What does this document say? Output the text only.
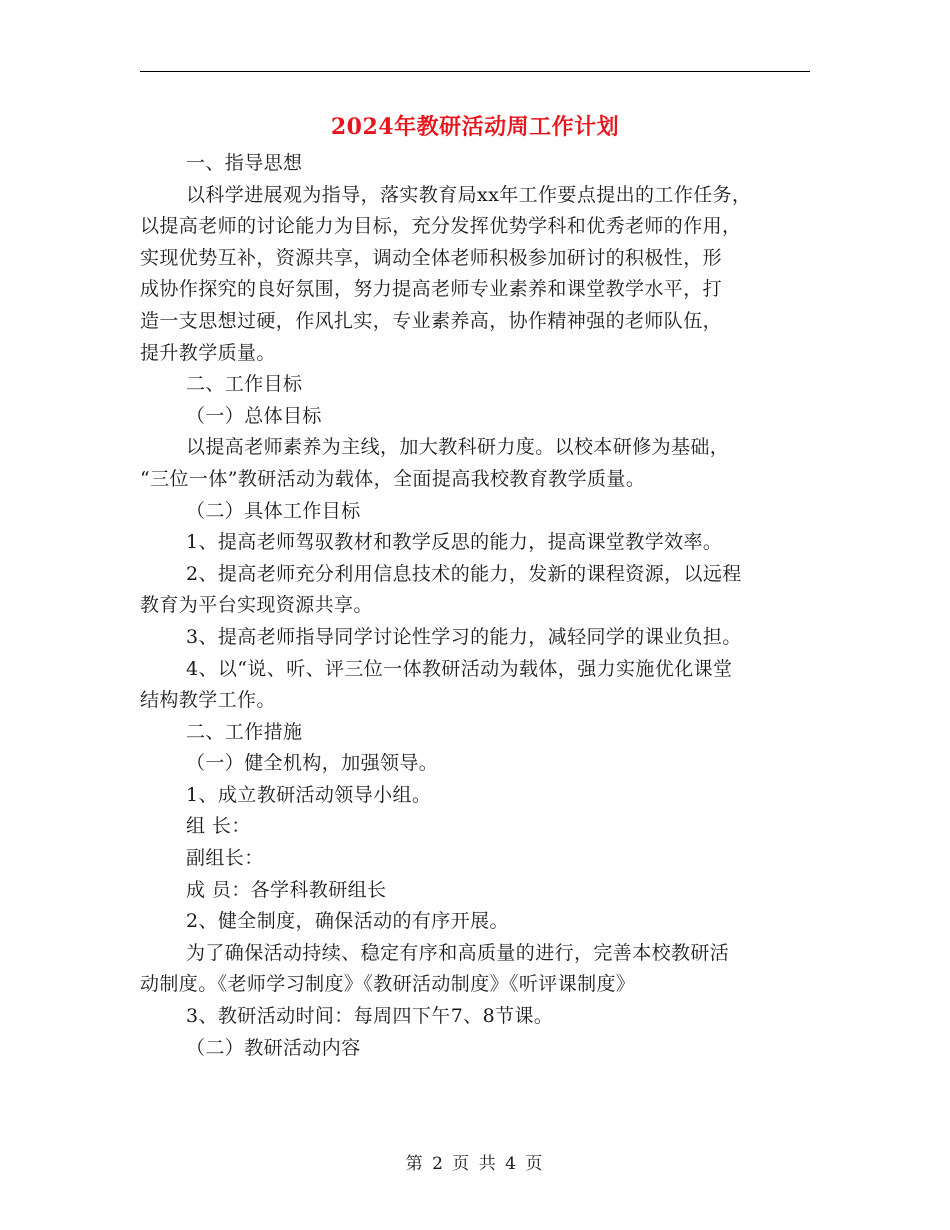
2024年教研活动周工作计划

一、指导思想

以科学进展观为指导，落实教育局xx年工作要点提出的工作任务，

以提高老师的讨论能力为目标，充分发挥优势学科和优秀老师的作用，

实现优势互补，资源共享，调动全体老师积极参加研讨的积极性，形

成协作探究的良好氛围，努力提高老师专业素养和课堂教学水平，打

造一支思想过硬，作风扎实，专业素养高，协作精神强的老师队伍，

提升教学质量。

二、工作目标

（一）总体目标

以提高老师素养为主线，加大教科研力度。以校本研修为基础，

“三位一体”教研活动为载体，全面提高我校教育教学质量。

（二）具体工作目标

1、提高老师驾驭教材和教学反思的能力，提高课堂教学效率。

2、提高老师充分利用信息技术的能力，发新的课程资源，以远程

教育为平台实现资源共享。

3、提高老师指导同学讨论性学习的能力，减轻同学的课业负担。

4、以“说、听、评三位一体教研活动为载体，强力实施优化课堂

结构教学工作。

二、工作措施

（一）健全机构，加强领导。

1、成立教研活动领导小组。

组 长：

副组长：

成 员：各学科教研组长

2、健全制度，确保活动的有序开展。

为了确保活动持续、稳定有序和高质量的进行，完善本校教研活

动制度。《老师学习制度》《教研活动制度》《听评课制度》

3、教研活动时间：每周四下午7、8节课。

（二）教研活动内容

第 2 页 共 4 页
